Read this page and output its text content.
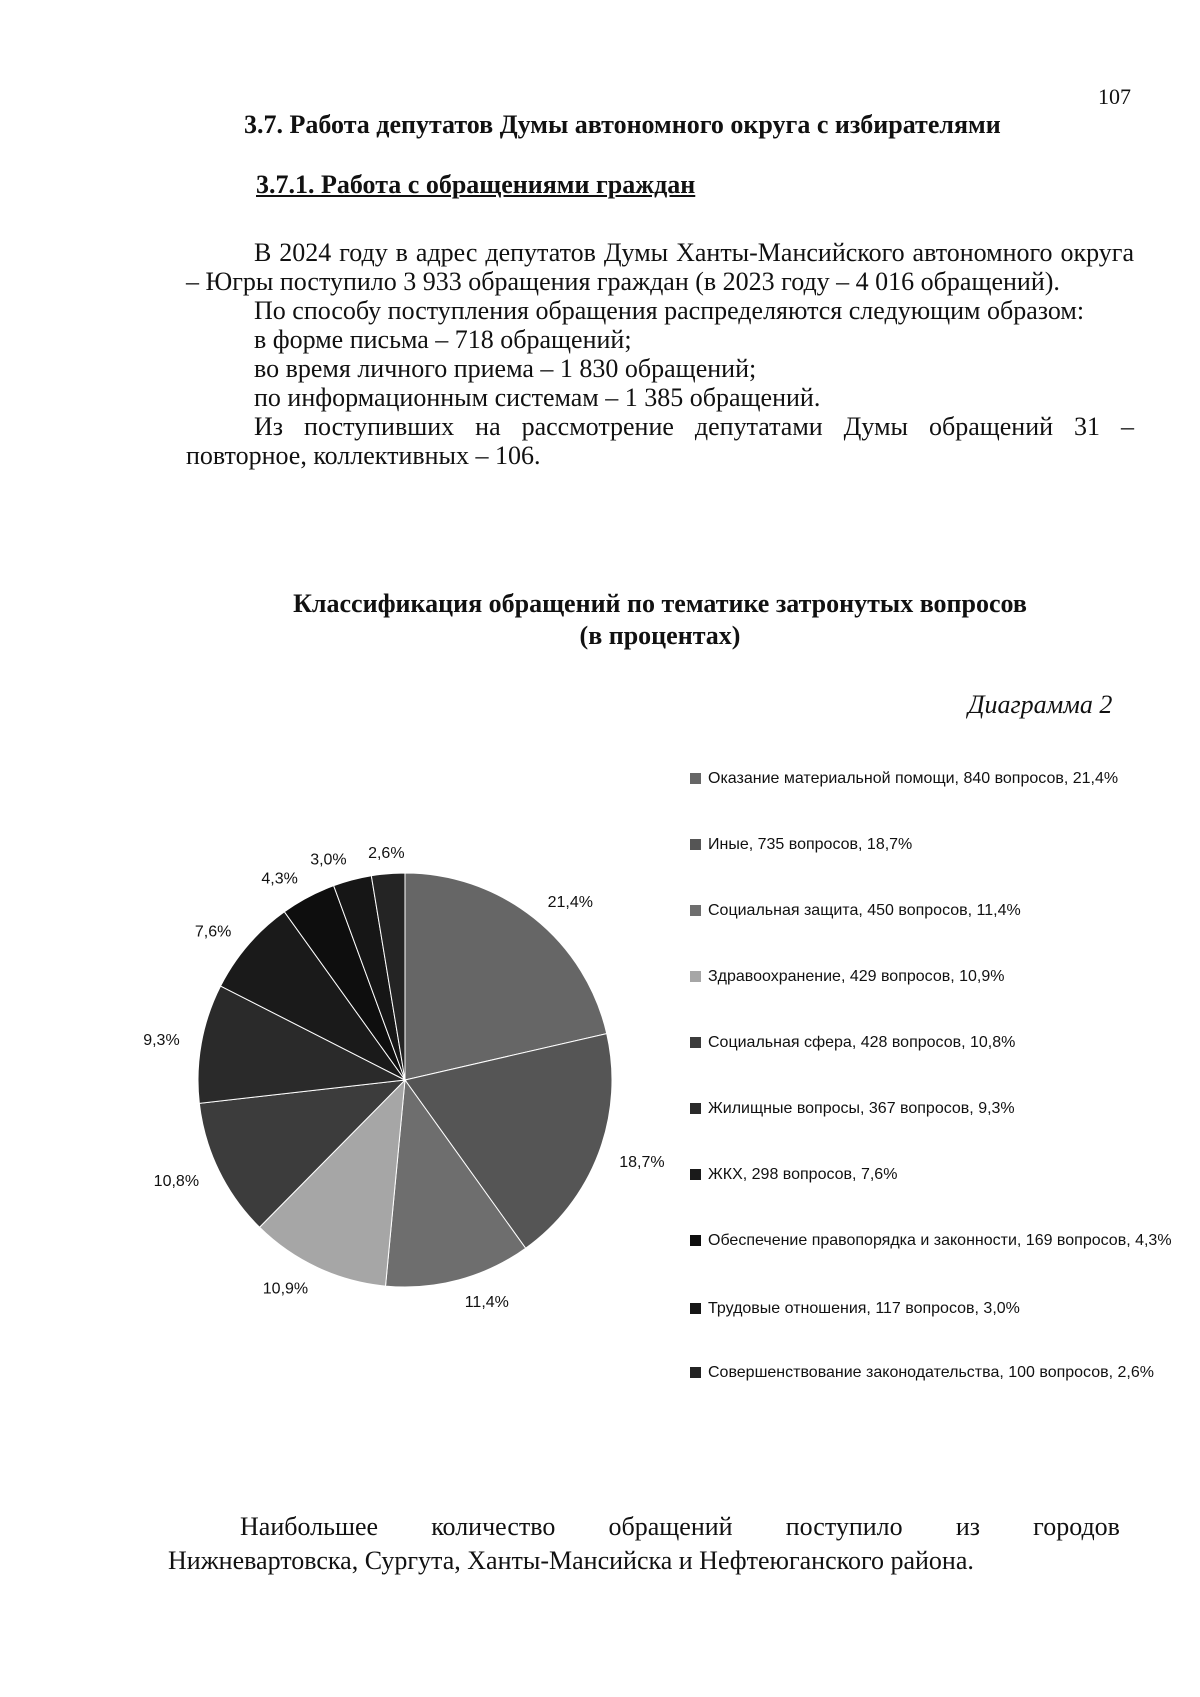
107
3.7. Работа депутатов Думы автономного округа с избирателями
3.7.1. Работа с обращениями граждан

В 2024 году в адрес депутатов Думы Ханты-Мансийского автономного округа – Югры поступило 3 933 обращения граждан (в 2023 году – 4 016 обращений).

По способу поступления обращения распределяются следующим образом:

в форме письма – 718 обращений;

во время личного приема – 1 830 обращений;

по информационным системам – 1 385 обращений.

Из поступивших на рассмотрение депутатами Думы обращений 31 – повторное, коллективных – 106.

Классификация обращений по тематике затронутых вопросов
(в процентах)
Диаграмма 2
21,4%
18,7%
11,4%
10,9%
10,8%
9,3%
7,6%
4,3%
3,0% 2,6%
Оказание материальной помощи, 840 вопросов, 21,4%
Иные, 735 вопросов, 18,7%
Социальная защита, 450 вопросов, 11,4%
Здравоохранение, 429 вопросов, 10,9%
Социальная сфера, 428 вопросов, 10,8%
Жилищные вопросы, 367 вопросов, 9,3%
ЖКХ, 298 вопросов, 7,6%
Обеспечение правопорядка и законности, 169 вопросов, 4,3%
Трудовые отношения, 117 вопросов, 3,0%
Совершенствование законодательства, 100 вопросов, 2,6%
Наибольшее количество обращений поступило из городов
Нижневартовска, Сургута, Ханты-Мансийска и Нефтеюганского района.
